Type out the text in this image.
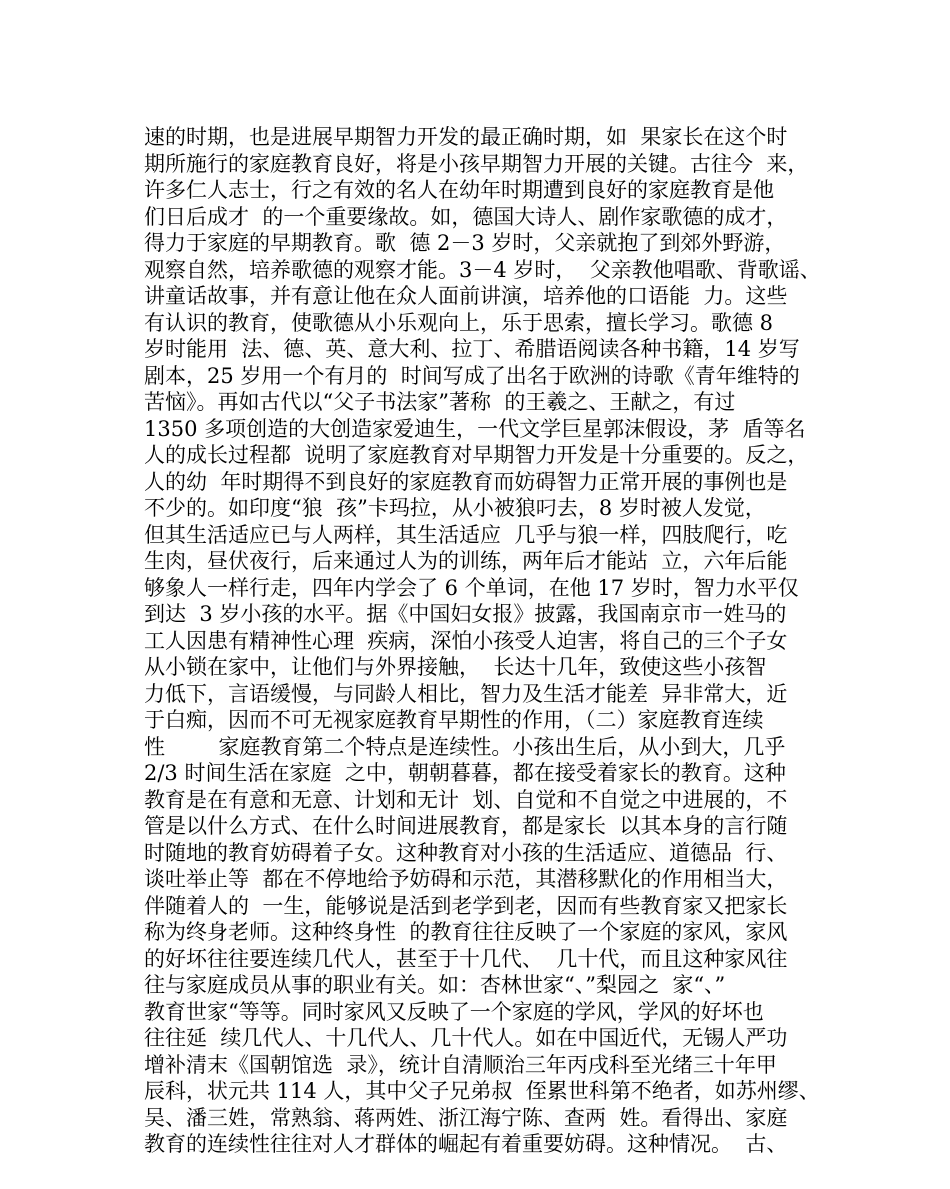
速的时期，也是进展早期智力开发的最正确时期，如  果家长在这个时
期所施行的家庭教育良好，将是小孩早期智力开展的关键。古往今  来，
许多仁人志士，行之有效的名人在幼年时期遭到良好的家庭教育是他
们日后成才  的一个重要缘故。如，德国大诗人、剧作家歌德的成才，
得力于家庭的早期教育。歌  德 2－3 岁时，父亲就抱了到郊外野游，
观察自然，培养歌德的观察才能。3－4 岁时，  父亲教他唱歌、背歌谣、
讲童话故事，并有意让他在众人面前讲演，培养他的口语能  力。这些
有认识的教育，使歌德从小乐观向上，乐于思索，擅长学习。歌德 8
岁时能用  法、德、英、意大利、拉丁、希腊语阅读各种书籍，14 岁写
剧本，25 岁用一个有月的  时间写成了出名于欧洲的诗歌《青年维特的
苦恼》。再如古代以“父子书法家”著称  的王羲之、王献之，有过
1350 多项创造的大创造家爱迪生，一代文学巨星郭沫假设，茅  盾等名
人的成长过程都  说明了家庭教育对早期智力开发是十分重要的。反之，
人的幼  年时期得不到良好的家庭教育而妨碍智力正常开展的事例也是
不少的。如印度“狼  孩”卡玛拉，从小被狼叼去，8 岁时被人发觉，
但其生活适应已与人两样，其生活适应  几乎与狼一样，四肢爬行，吃
生肉，昼伏夜行，后来通过人为的训练，两年后才能站  立，六年后能
够象人一样行走，四年内学会了 6 个单词，在他 17 岁时，智力水平仅
到达  3 岁小孩的水平。据《中国妇女报》披露，我国南京市一姓马的
工人因患有精神性心理  疾病，深怕小孩受人迫害，将自己的三个子女
从小锁在家中，让他们与外界接触，  长达十几年，致使这些小孩智
力低下，言语缓慢，与同龄人相比，智力及生活才能差  异非常大，近
于白痴，因而不可无视家庭教育早期性的作用，（二）家庭教育连续
性        家庭教育第二个特点是连续性。小孩出生后，从小到大，几乎
2/3 时间生活在家庭  之中，朝朝暮暮，都在接受着家长的教育。这种
教育是在有意和无意、计划和无计  划、自觉和不自觉之中进展的，不
管是以什么方式、在什么时间进展教育，都是家长  以其本身的言行随
时随地的教育妨碍着子女。这种教育对小孩的生活适应、道德品  行、
谈吐举止等  都在不停地给予妨碍和示范，其潜移默化的作用相当大，
伴随着人的  一生，能够说是活到老学到老，因而有些教育家又把家长
称为终身老师。这种终身性  的教育往往反映了一个家庭的家风，家风
的好坏往往要连续几代人，甚至于十几代、  几十代，而且这种家风往
往与家庭成员从事的职业有关。如：杏林世家“、”梨园之  家“、”
教育世家“等等。同时家风又反映了一个家庭的学风，学风的好坏也
往往延  续几代人、十几代人、几十代人。如在中国近代，无锡人严功
增补清末《国朝馆选  录》，统计自清顺治三年丙戌科至光绪三十年甲
辰科，状元共 114 人，其中父子兄弟叔  侄累世科第不绝者，如苏州缪、
吴、潘三姓，常熟翁、蒋两姓、浙江海宁陈、查两  姓。看得出、家庭
教育的连续性往往对人才群体的崛起有着重要妨碍。这种情况。  古、
